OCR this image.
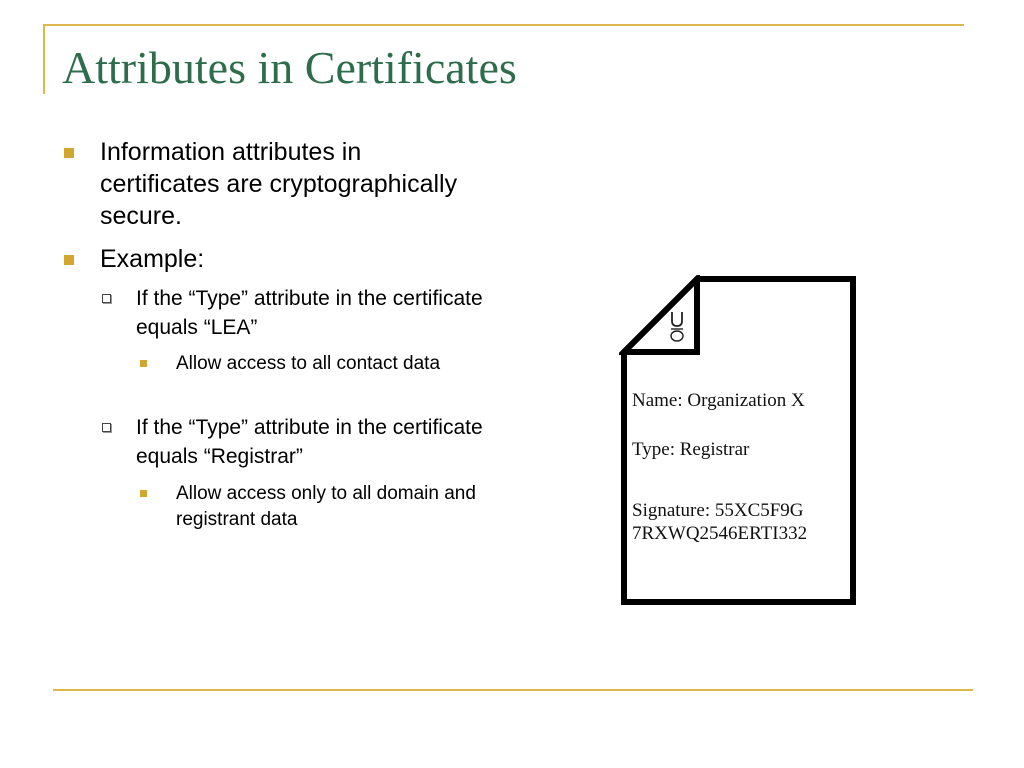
Attributes in Certificates
Information attributes in certificates are cryptographically secure.
Example:
If the “Type” attribute in the certificate equals “LEA”
Allow access to all contact data
If the “Type” attribute in the certificate equals “Registrar”
Allow access only to all domain and registrant data
Name: Organization X
Type: Registrar
Signature: 55XC5F9G
7RXWQ2546ERTI332
